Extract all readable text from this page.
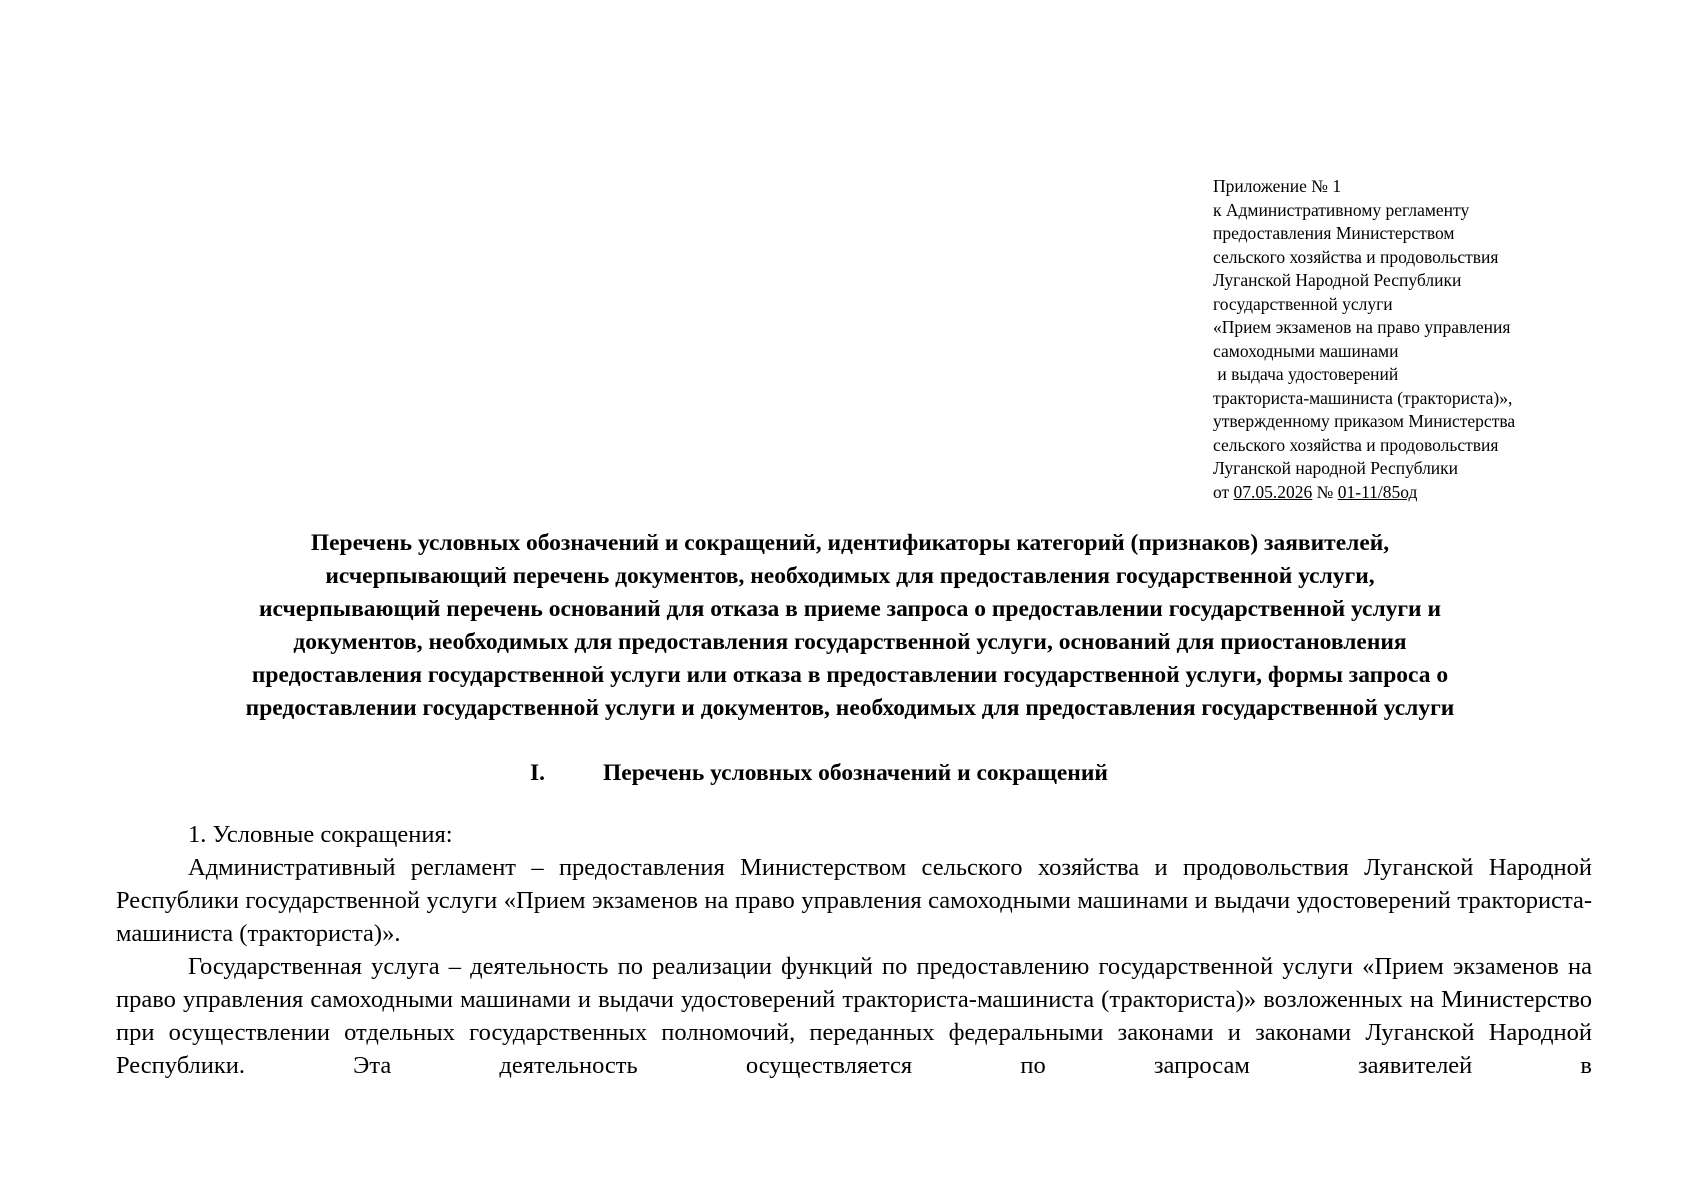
Приложение № 1
к Административному регламенту
предоставления Министерством
сельского хозяйства и продовольствия
Луганской Народной Республики
государственной услуги
«Прием экзаменов на право управления
самоходными машинами
и выдача удостоверений
тракториста-машиниста (тракториста)»,
утвержденному приказом Министерства
сельского хозяйства и продовольствия
Луганской народной Республики
от 07.05.2026 № 01-11/85од
Перечень условных обозначений и сокращений, идентификаторы категорий (признаков) заявителей,
исчерпывающий перечень документов, необходимых для предоставления государственной услуги,
исчерпывающий перечень оснований для отказа в приеме запроса о предоставлении государственной услуги и
документов, необходимых для предоставления государственной услуги, оснований для приостановления
предоставления государственной услуги или отказа в предоставлении государственной услуги, формы запроса о
предоставлении государственной услуги и документов, необходимых для предоставления государственной услуги
I. Перечень условных обозначений и сокращений
1. Условные сокращения:
Административный регламент – предоставления Министерством сельского хозяйства и продовольствия Луганской Народной Республики государственной услуги «Прием экзаменов на право управления самоходными машинами и выдачи удостоверений тракториста-машиниста (тракториста)».
Государственная услуга – деятельность по реализации функций по предоставлению государственной услуги «Прием экзаменов на право управления самоходными машинами и выдачи удостоверений тракториста-машиниста (тракториста)» возложенных на Министерство при осуществлении отдельных государственных полномочий, переданных федеральными законами и законами Луганской Народной Республики. Эта деятельность осуществляется по запросам заявителей в
